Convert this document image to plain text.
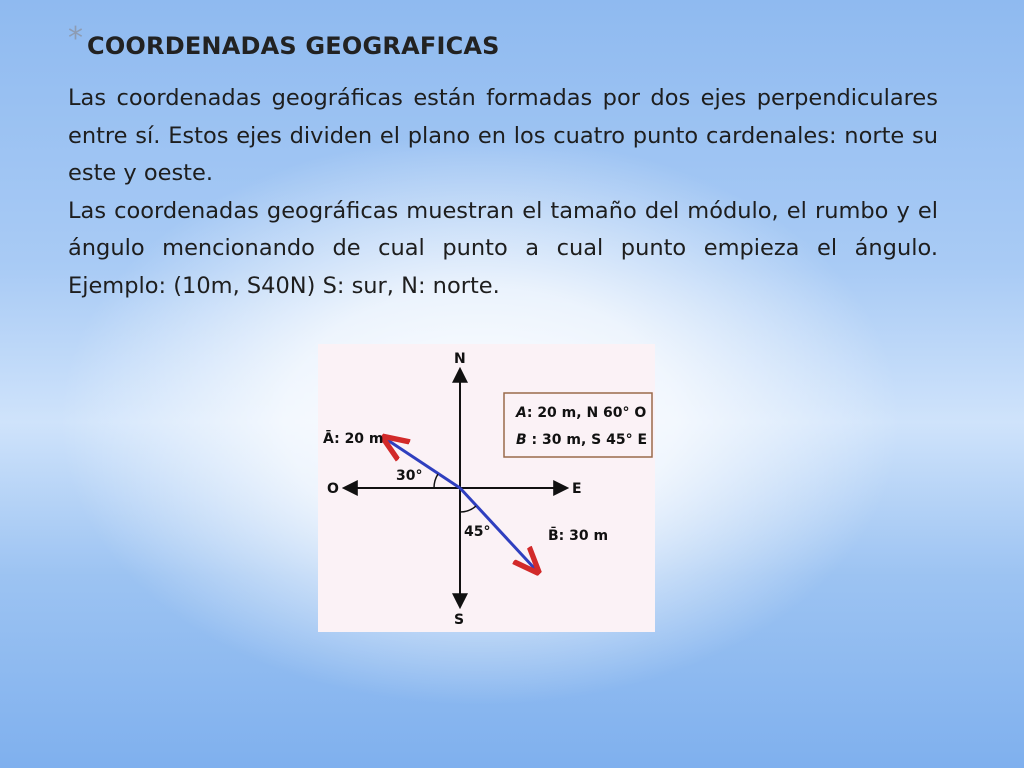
* COORDENADAS GEOGRAFICAS

Las coordenadas geográficas están formadas por dos ejes perpendiculares entre sí. Estos ejes dividen el plano en los cuatro punto cardenales: norte su este y oeste.
Las coordenadas geográficas muestran el tamaño del módulo, el rumbo y el ángulo mencionando de cual punto a cual punto empieza el ángulo. Ejemplo: (10m, S40N) S: sur, N: norte.

N
S
E
O
Ā: 20 m
B̄: 30 m
30°
45°
A: 20 m, N 60° O
B : 30 m, S 45° E
